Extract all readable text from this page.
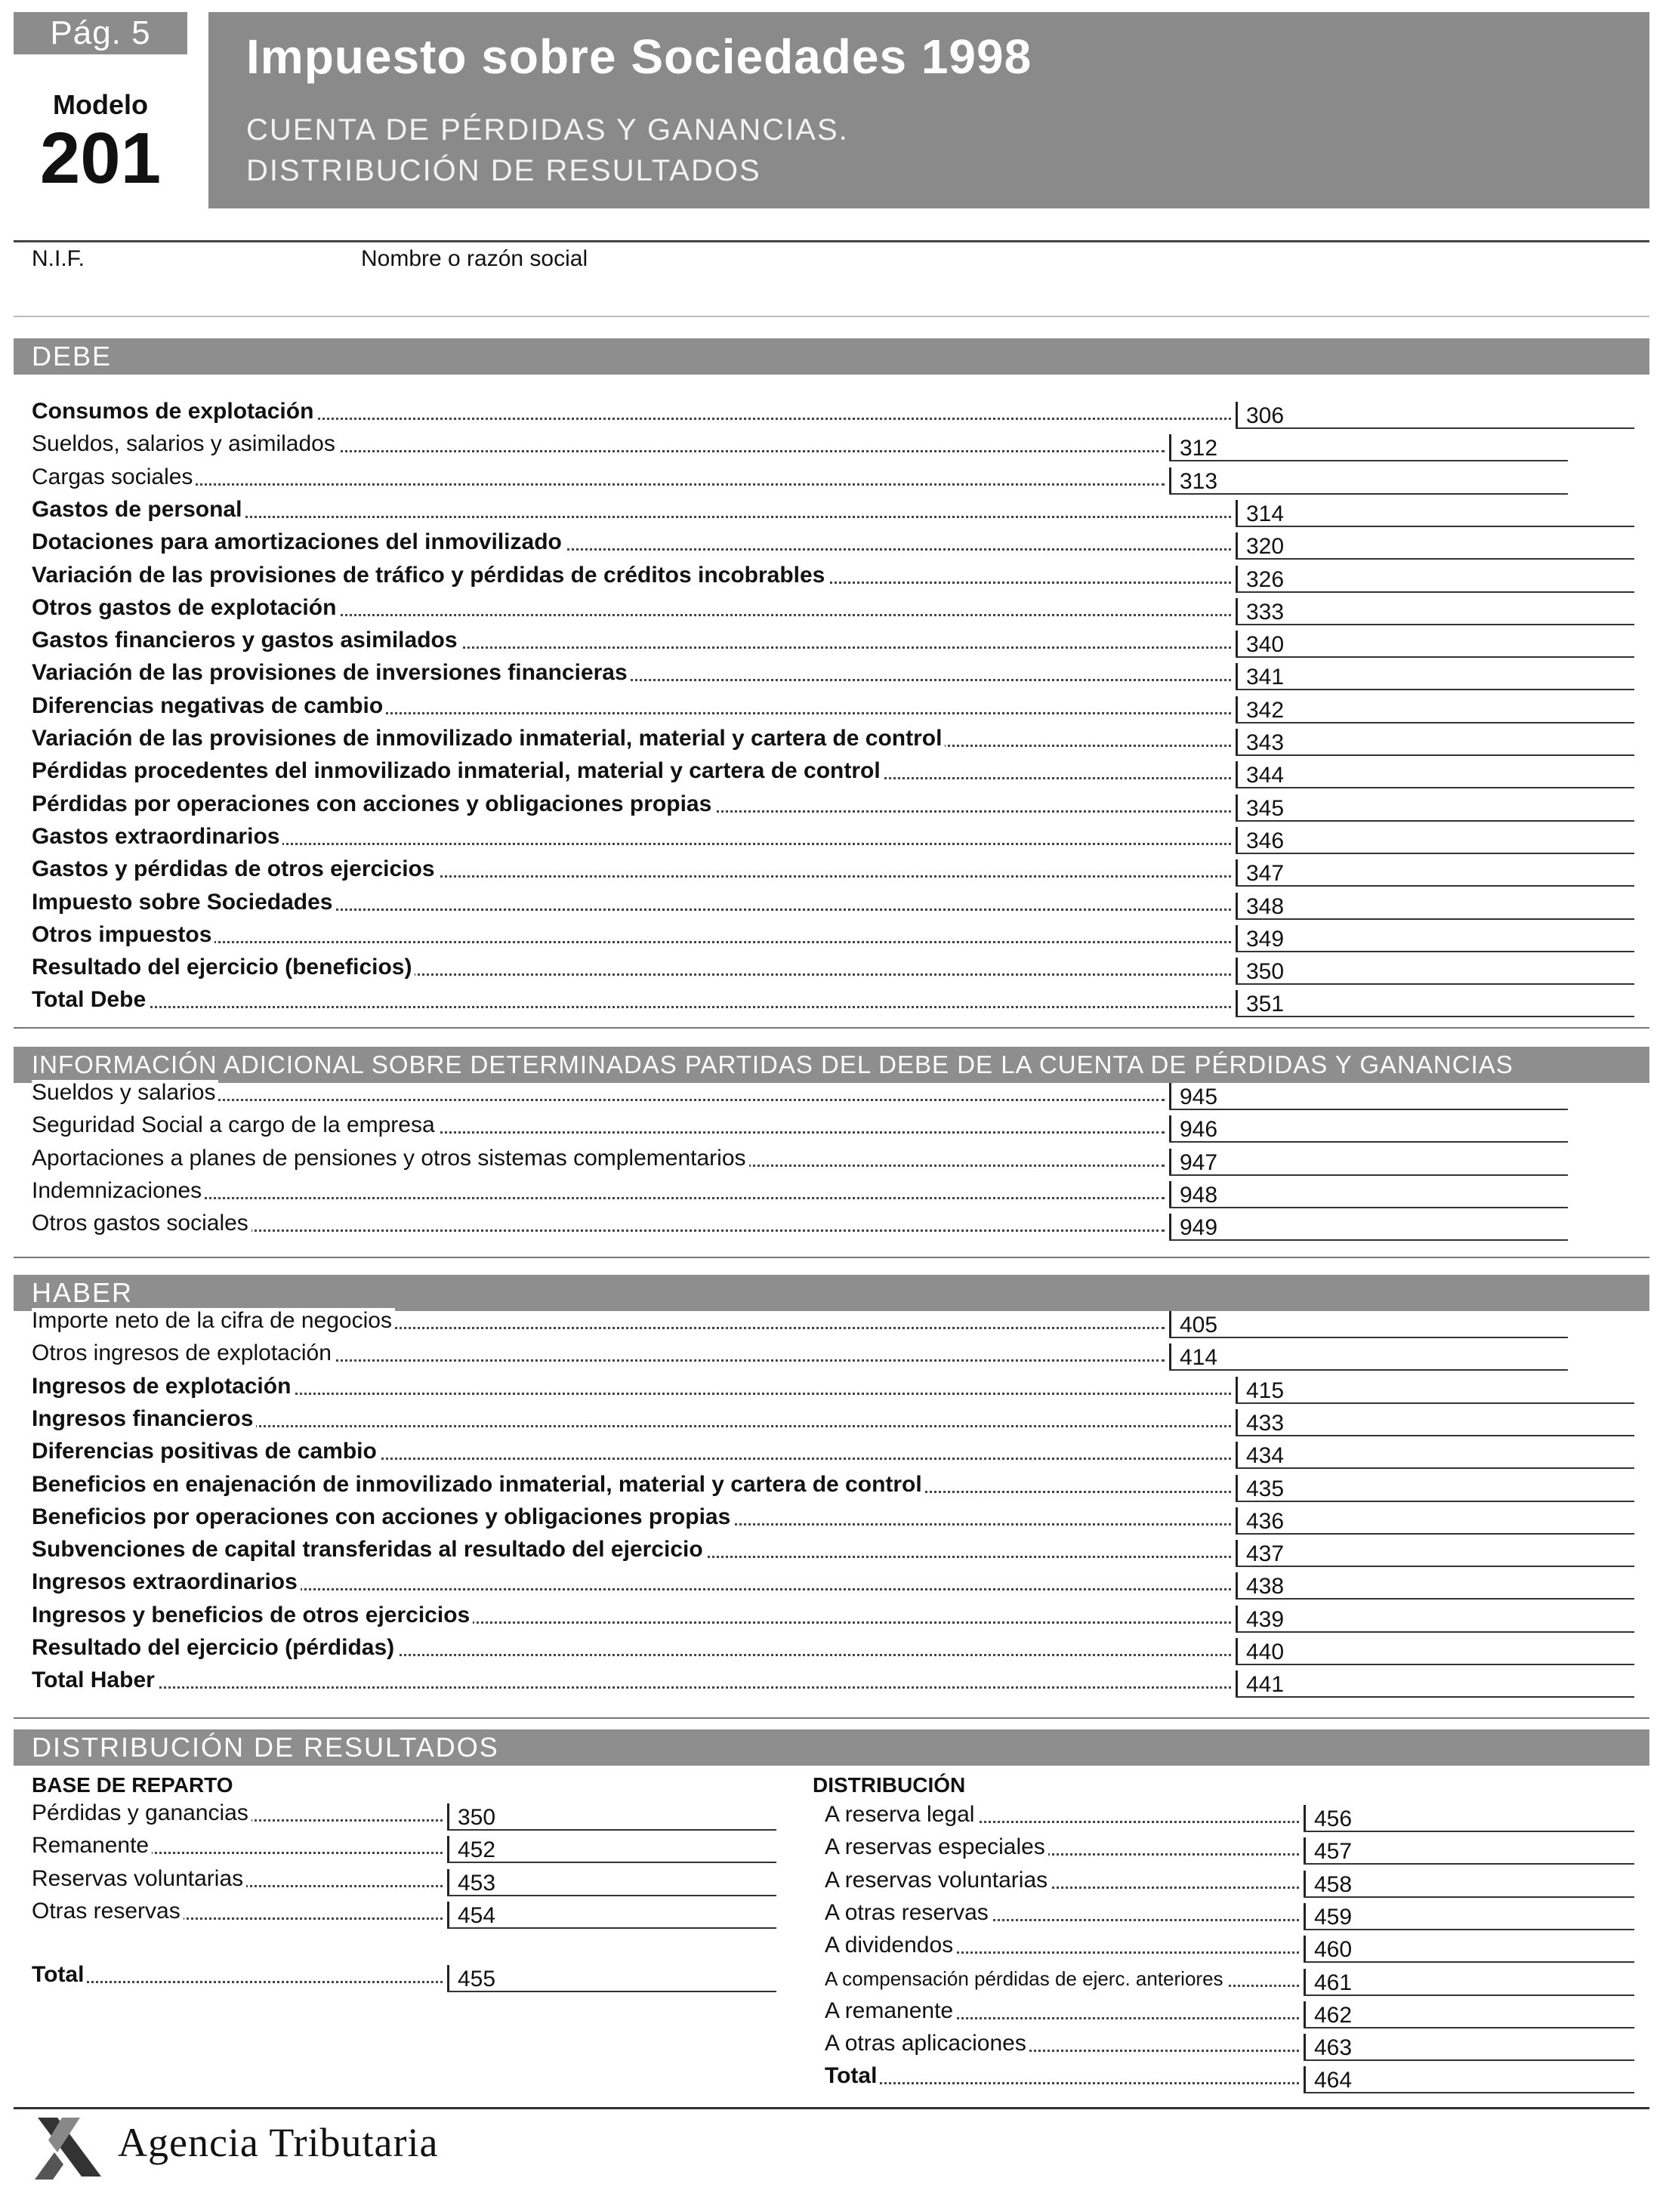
Pág. 5
Modelo
201
Impuesto sobre Sociedades 1998
CUENTA DE PÉRDIDAS Y GANANCIAS.
DISTRIBUCIÓN DE RESULTADOS
N.I.F.	Nombre o razón social
DEBE
Consumos de explotación	306
Sueldos, salarios y asimilados	312
Cargas sociales	313
Gastos de personal	314
Dotaciones para amortizaciones del inmovilizado	320
Variación de las provisiones de tráfico y pérdidas de créditos incobrables	326
Otros gastos de explotación	333
Gastos financieros y gastos asimilados	340
Variación de las provisiones de inversiones financieras	341
Diferencias negativas de cambio	342
Variación de las provisiones de inmovilizado inmaterial, material y cartera de control	343
Pérdidas procedentes del inmovilizado inmaterial, material y cartera de control	344
Pérdidas por operaciones con acciones y obligaciones propias	345
Gastos extraordinarios	346
Gastos y pérdidas de otros ejercicios	347
Impuesto sobre Sociedades	348
Otros impuestos	349
Resultado del ejercicio (beneficios)	350
Total Debe	351
INFORMACIÓN ADICIONAL SOBRE DETERMINADAS PARTIDAS DEL DEBE DE LA CUENTA DE PÉRDIDAS Y GANANCIAS
Sueldos y salarios	945
Seguridad Social a cargo de la empresa	946
Aportaciones a planes de pensiones y otros sistemas complementarios	947
Indemnizaciones	948
Otros gastos sociales	949
HABER
Importe neto de la cifra de negocios	405
Otros ingresos de explotación	414
Ingresos de explotación	415
Ingresos financieros	433
Diferencias positivas de cambio	434
Beneficios en enajenación de inmovilizado inmaterial, material y cartera de control	435
Beneficios por operaciones con acciones y obligaciones propias	436
Subvenciones de capital transferidas al resultado del ejercicio	437
Ingresos extraordinarios	438
Ingresos y beneficios de otros ejercicios	439
Resultado del ejercicio (pérdidas)	440
Total Haber	441
DISTRIBUCIÓN DE RESULTADOS
BASE DE REPARTO	DISTRIBUCIÓN
Pérdidas y ganancias	350
Remanente	452
Reservas voluntarias	453
Otras reservas	454
Total	455
A reserva legal	456
A reservas especiales	457
A reservas voluntarias	458
A otras reservas	459
A dividendos	460
A compensación pérdidas de ejerc. anteriores	461
A remanente	462
A otras aplicaciones	463
Total	464
Agencia Tributaria
